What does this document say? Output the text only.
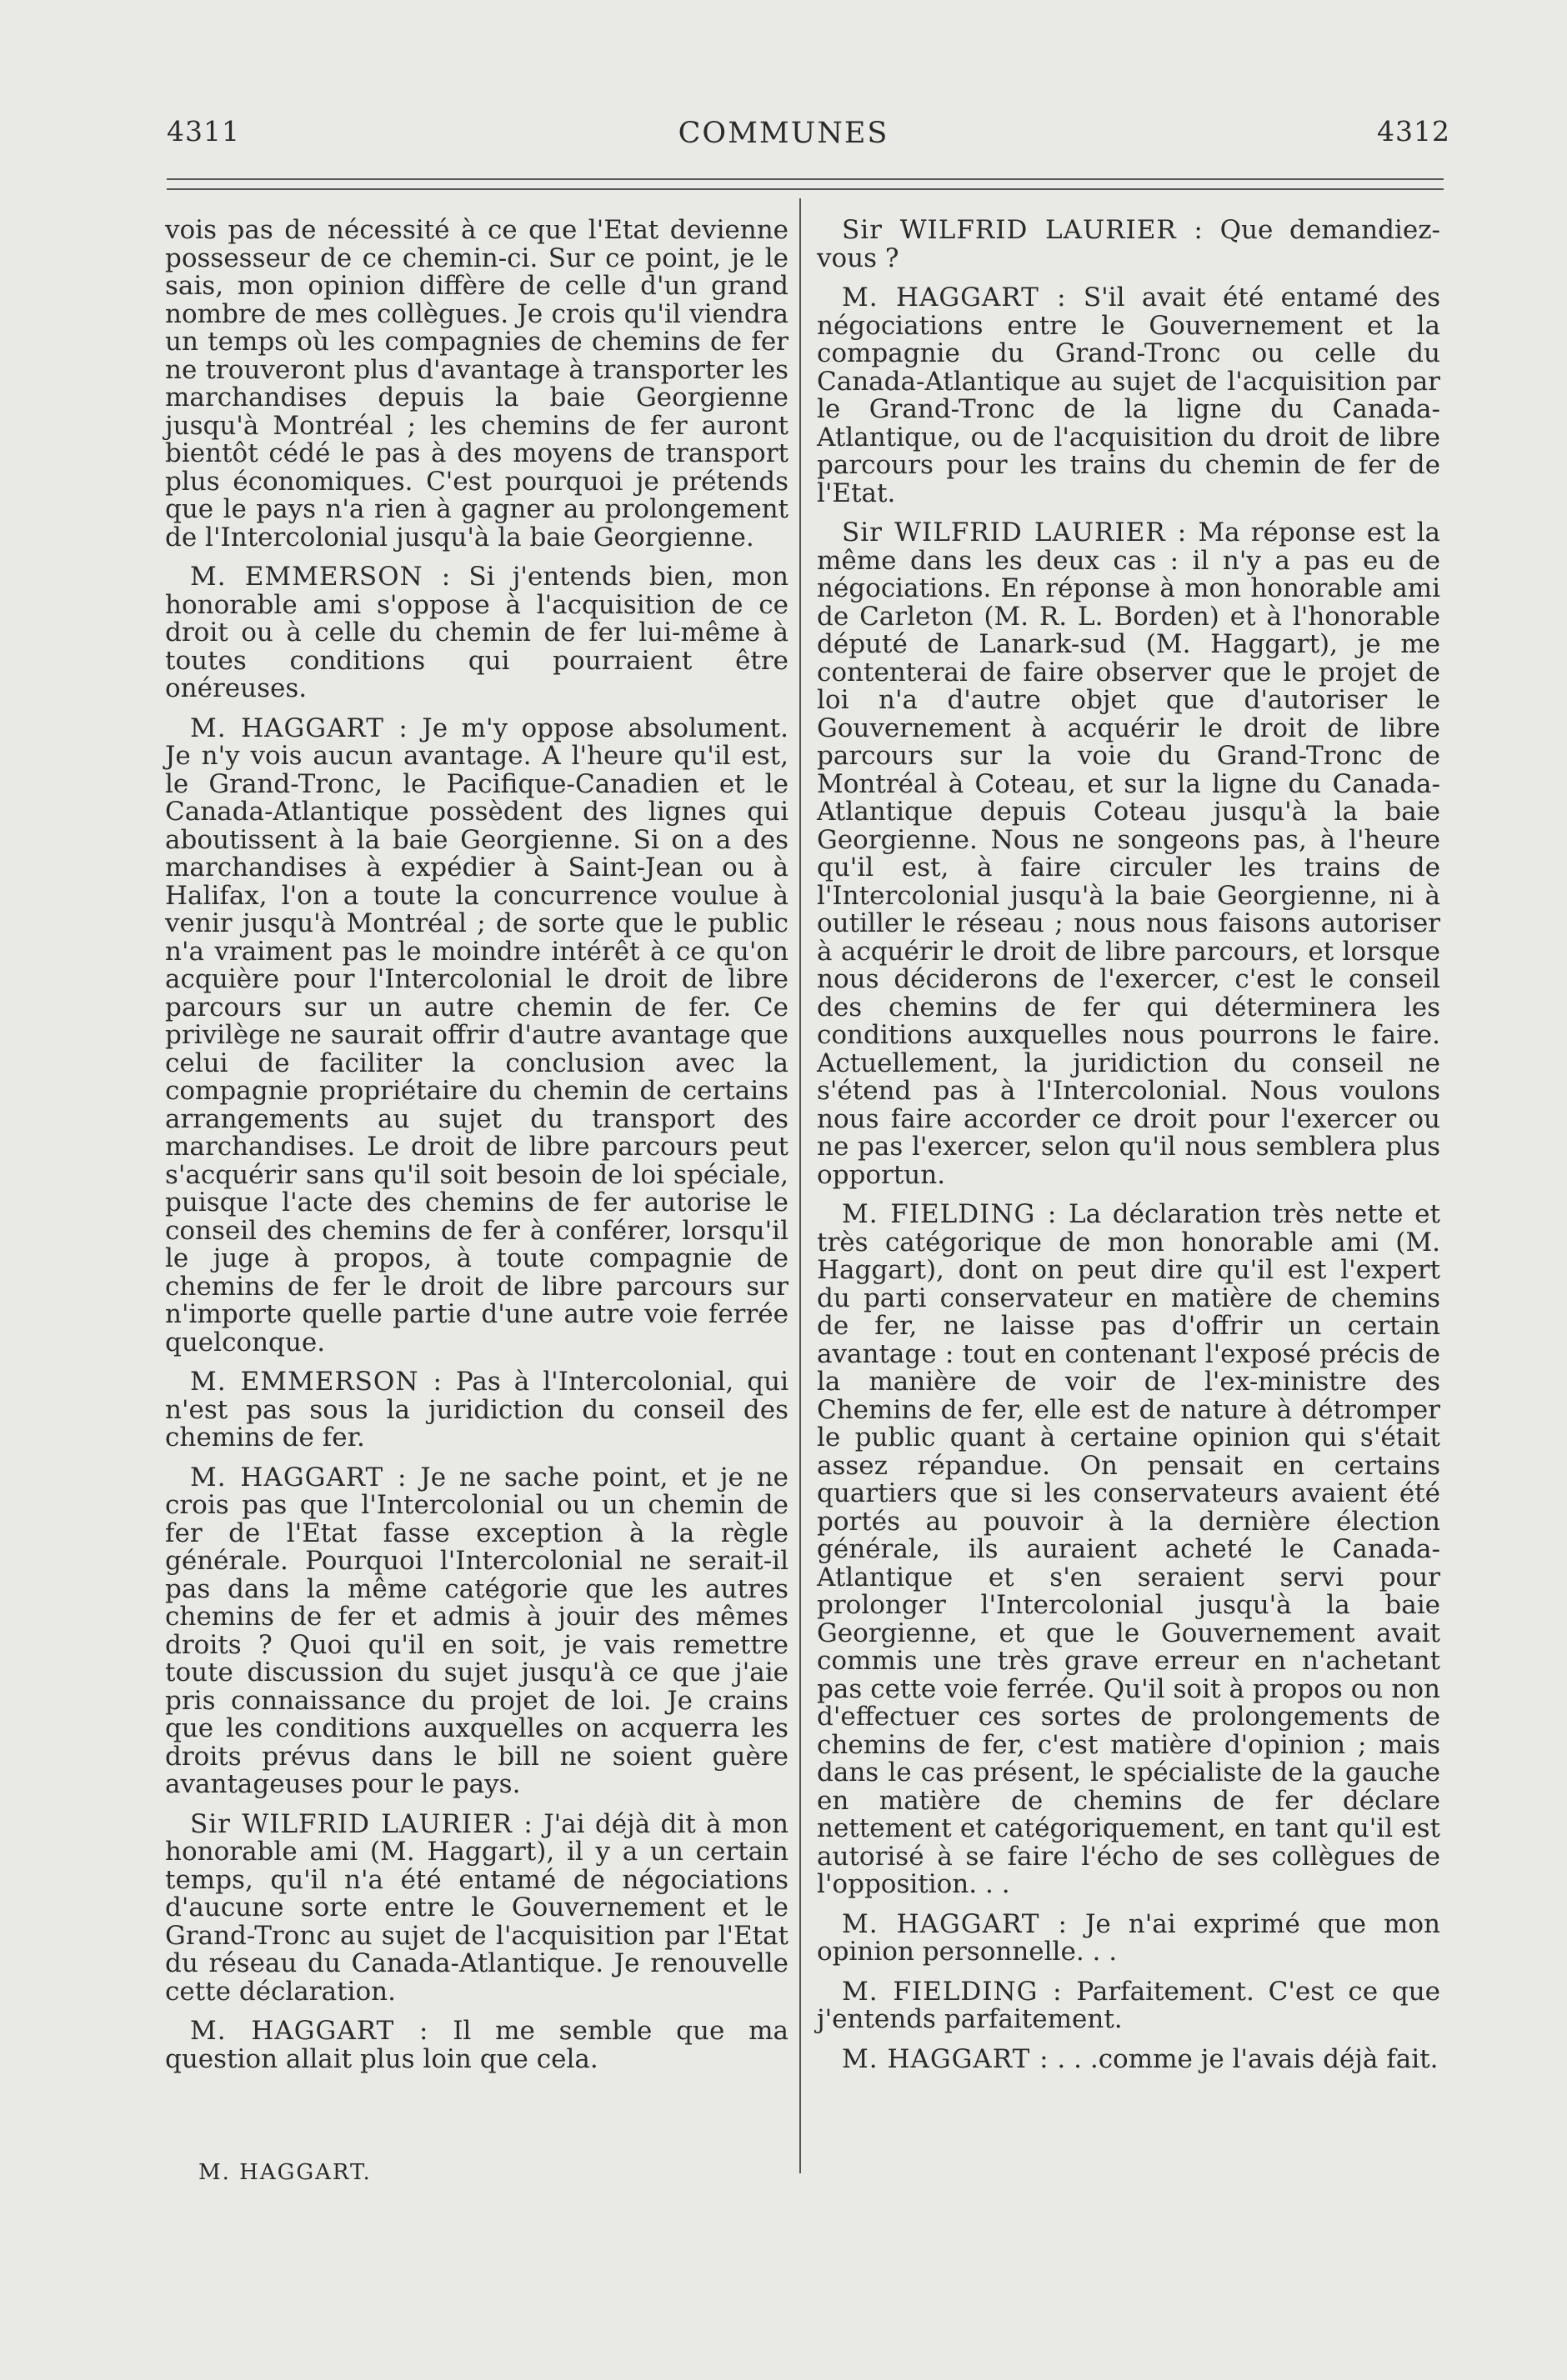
4311	COMMUNES	4312

vois pas de nécessité à ce que l'Etat devienne possesseur de ce chemin-ci. Sur ce point, je le sais, mon opinion diffère de celle d'un grand nombre de mes collègues. Je crois qu'il viendra un temps où les compagnies de chemins de fer ne trouveront plus d'avantage à transporter les marchandises depuis la baie Georgienne jusqu'à Montréal ; les chemins de fer auront bientôt cédé le pas à des moyens de transport plus économiques. C'est pourquoi je prétends que le pays n'a rien à gagner au prolongement de l'Intercolonial jusqu'à la baie Georgienne.

M. EMMERSON : Si j'entends bien, mon honorable ami s'oppose à l'acquisition de ce droit ou à celle du chemin de fer lui-même à toutes conditions qui pourraient être onéreuses.

M. HAGGART : Je m'y oppose absolument. Je n'y vois aucun avantage. A l'heure qu'il est, le Grand-Tronc, le Pacifique-Canadien et le Canada-Atlantique possèdent des lignes qui aboutissent à la baie Georgienne. Si on a des marchandises à expédier à Saint-Jean ou à Halifax, l'on a toute la concurrence voulue à venir jusqu'à Montréal ; de sorte que le public n'a vraiment pas le moindre intérêt à ce qu'on acquière pour l'Intercolonial le droit de libre parcours sur un autre chemin de fer. Ce privilège ne saurait offrir d'autre avantage que celui de faciliter la conclusion avec la compagnie propriétaire du chemin de certains arrangements au sujet du transport des marchandises. Le droit de libre parcours peut s'acquérir sans qu'il soit besoin de loi spéciale, puisque l'acte des chemins de fer autorise le conseil des chemins de fer à conférer, lorsqu'il le juge à propos, à toute compagnie de chemins de fer le droit de libre parcours sur n'importe quelle partie d'une autre voie ferrée quelconque.

M. EMMERSON : Pas à l'Intercolonial, qui n'est pas sous la juridiction du conseil des chemins de fer.

M. HAGGART : Je ne sache point, et je ne crois pas que l'Intercolonial ou un chemin de fer de l'Etat fasse exception à la règle générale. Pourquoi l'Intercolonial ne serait-il pas dans la même catégorie que les autres chemins de fer et admis à jouir des mêmes droits ? Quoi qu'il en soit, je vais remettre toute discussion du sujet jusqu'à ce que j'aie pris connaissance du projet de loi. Je crains que les conditions auxquelles on acquerra les droits prévus dans le bill ne soient guère avantageuses pour le pays.

Sir WILFRID LAURIER : J'ai déjà dit à mon honorable ami (M. Haggart), il y a un certain temps, qu'il n'a été entamé de négociations d'aucune sorte entre le Gouvernement et le Grand-Tronc au sujet de l'acquisition par l'Etat du réseau du Canada-Atlantique. Je renouvelle cette déclaration.

M. HAGGART : Il me semble que ma question allait plus loin que cela.

Sir WILFRID LAURIER : Que demandiez-vous ?

M. HAGGART : S'il avait été entamé des négociations entre le Gouvernement et la compagnie du Grand-Tronc ou celle du Canada-Atlantique au sujet de l'acquisition par le Grand-Tronc de la ligne du Canada-Atlantique, ou de l'acquisition du droit de libre parcours pour les trains du chemin de fer de l'Etat.

Sir WILFRID LAURIER : Ma réponse est la même dans les deux cas : il n'y a pas eu de négociations. En réponse à mon honorable ami de Carleton (M. R. L. Borden) et à l'honorable député de Lanark-sud (M. Haggart), je me contenterai de faire observer que le projet de loi n'a d'autre objet que d'autoriser le Gouvernement à acquérir le droit de libre parcours sur la voie du Grand-Tronc de Montréal à Coteau, et sur la ligne du Canada-Atlantique depuis Coteau jusqu'à la baie Georgienne. Nous ne songeons pas, à l'heure qu'il est, à faire circuler les trains de l'Intercolonial jusqu'à la baie Georgienne, ni à outiller le réseau ; nous nous faisons autoriser à acquérir le droit de libre parcours, et lorsque nous déciderons de l'exercer, c'est le conseil des chemins de fer qui déterminera les conditions auxquelles nous pourrons le faire. Actuellement, la juridiction du conseil ne s'étend pas à l'Intercolonial. Nous voulons nous faire accorder ce droit pour l'exercer ou ne pas l'exercer, selon qu'il nous semblera plus opportun.

M. FIELDING : La déclaration très nette et très catégorique de mon honorable ami (M. Haggart), dont on peut dire qu'il est l'expert du parti conservateur en matière de chemins de fer, ne laisse pas d'offrir un certain avantage : tout en contenant l'exposé précis de la manière de voir de l'ex-ministre des Chemins de fer, elle est de nature à détromper le public quant à certaine opinion qui s'était assez répandue. On pensait en certains quartiers que si les conservateurs avaient été portés au pouvoir à la dernière élection générale, ils auraient acheté le Canada-Atlantique et s'en seraient servi pour prolonger l'Intercolonial jusqu'à la baie Georgienne, et que le Gouvernement avait commis une très grave erreur en n'achetant pas cette voie ferrée. Qu'il soit à propos ou non d'effectuer ces sortes de prolongements de chemins de fer, c'est matière d'opinion ; mais dans le cas présent, le spécialiste de la gauche en matière de chemins de fer déclare nettement et catégoriquement, en tant qu'il est autorisé à se faire l'écho de ses collègues de l'opposition. . .

M. HAGGART : Je n'ai exprimé que mon opinion personnelle. . .

M. FIELDING : Parfaitement. C'est ce que j'entends parfaitement.

M. HAGGART : . . .comme je l'avais déjà fait.

M. HAGGART.
